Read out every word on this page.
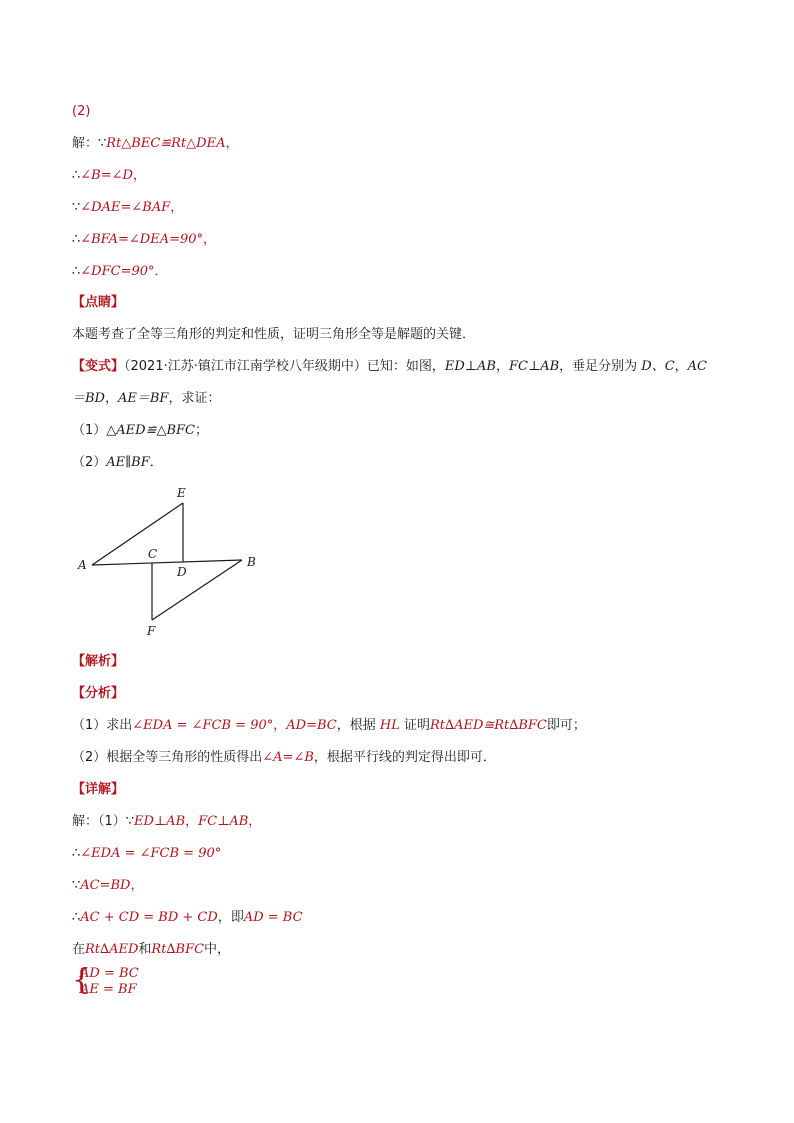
(2)
解：∵Rt△BEC≌Rt△DEA，
∴∠B=∠D，
∵∠DAE=∠BAF，
∴∠BFA=∠DEA=90°，
∴∠DFC=90°．
【点睛】
本题考查了全等三角形的判定和性质，证明三角形全等是解题的关键．
【变式】（2021·江苏·镇江市江南学校八年级期中）已知：如图，ED⊥AB，FC⊥AB，垂足分别为 D、C，AC
＝BD，AE＝BF，求证：
（1）△AED≌△BFC；
（2）AE∥BF．
E
C
A	D
B
F
【解析】
【分析】
（1）求出∠EDA = ∠FCB = 90°，AD=BC，根据 HL 证明Rt∆AED≅Rt∆BFC即可；
（2）根据全等三角形的性质得出∠A=∠B，根据平行线的判定得出即可．
【详解】
解：（1）∵ED⊥AB，FC⊥AB，
∴∠EDA = ∠FCB = 90°
∵AC=BD，
∴AC + CD = BD + CD，即AD = BC
在Rt∆AED和Rt∆BFC中，
{
AD = BC
AE = BF
